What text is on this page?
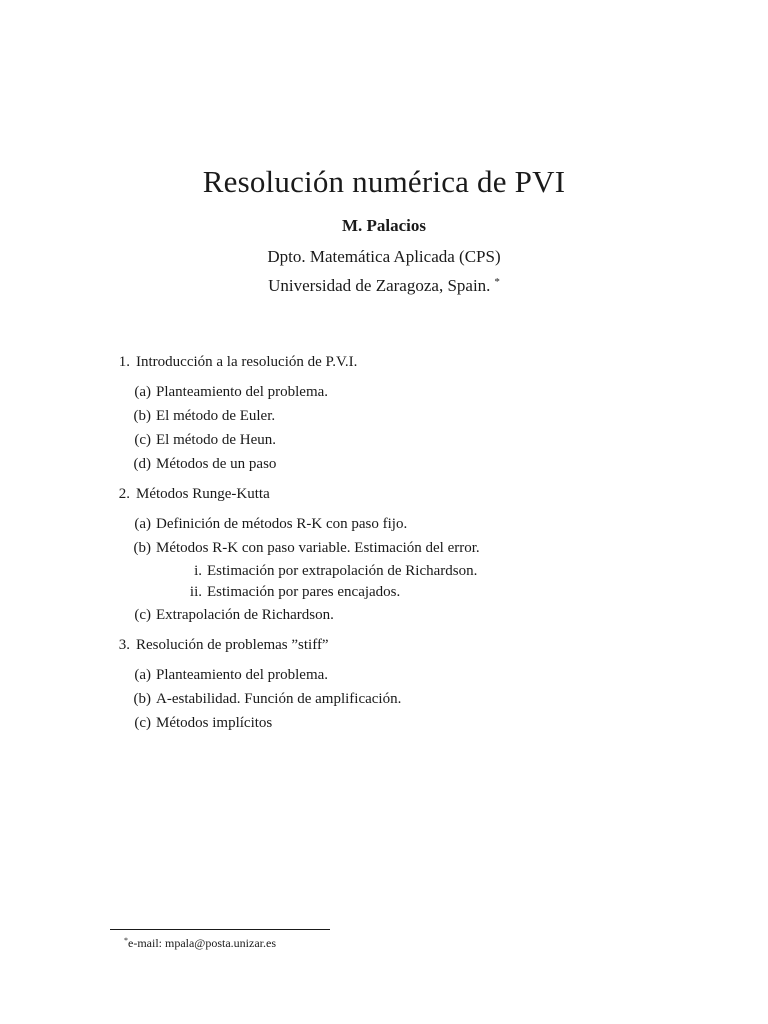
Resolución numérica de PVI
M. Palacios
Dpto. Matemática Aplicada (CPS)
Universidad de Zaragoza, Spain. *
1. Introducción a la resolución de P.V.I.
(a) Planteamiento del problema.
(b) El método de Euler.
(c) El método de Heun.
(d) Métodos de un paso
2. Métodos Runge-Kutta
(a) Definición de métodos R-K con paso fijo.
(b) Métodos R-K con paso variable. Estimación del error.
i. Estimación por extrapolación de Richardson.
ii. Estimación por pares encajados.
(c) Extrapolación de Richardson.
3. Resolución de problemas ”stiff”
(a) Planteamiento del problema.
(b) A-estabilidad. Función de amplificación.
(c) Métodos implícitos
*e-mail: mpala@posta.unizar.es
